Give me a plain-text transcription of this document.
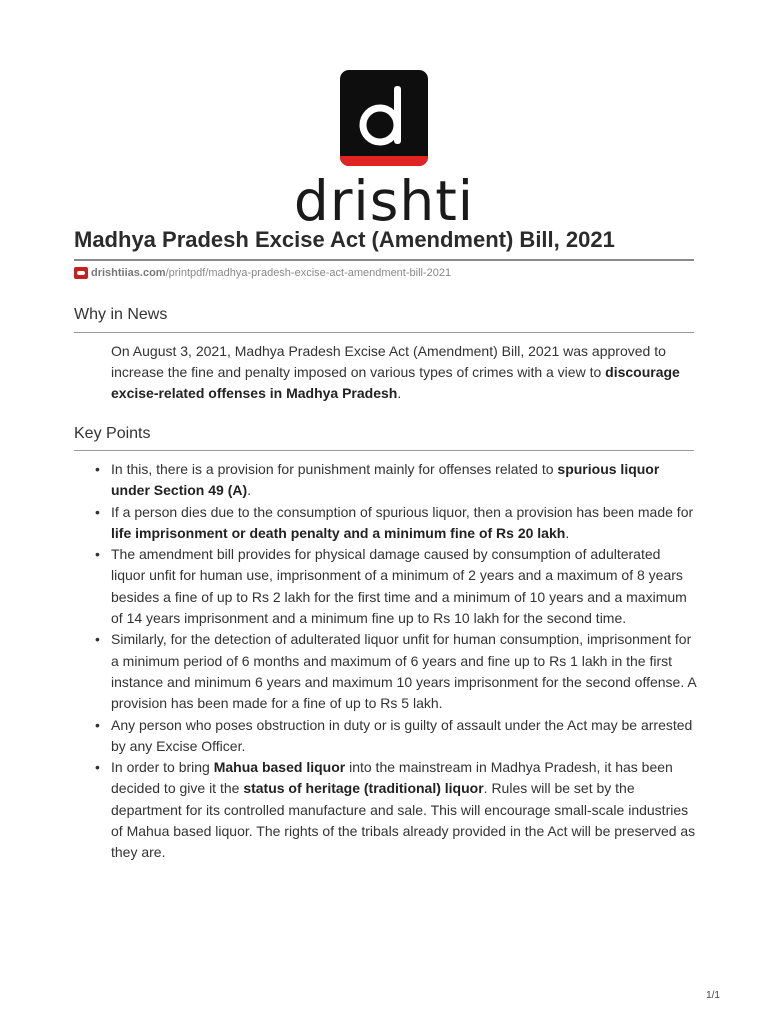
drishti
Madhya Pradesh Excise Act (Amendment) Bill, 2021
drishtiias.com /printpdf/madhya-pradesh-excise-act-amendment-bill-2021
Why in News

On August 3, 2021, Madhya Pradesh Excise Act (Amendment) Bill, 2021 was approved to increase the fine and penalty imposed on various types of crimes with a view to discourage excise-related offenses in Madhya Pradesh.

Key Points
• In this, there is a provision for punishment mainly for offenses related to spurious liquor under Section 49 (A).
• If a person dies due to the consumption of spurious liquor, then a provision has been made for life imprisonment or death penalty and a minimum fine of Rs 20 lakh.
• The amendment bill provides for physical damage caused by consumption of adulterated liquor unfit for human use, imprisonment of a minimum of 2 years and a maximum of 8 years besides a fine of up to Rs 2 lakh for the first time and a minimum of 10 years and a maximum of 14 years imprisonment and a minimum fine up to Rs 10 lakh for the second time.
• Similarly, for the detection of adulterated liquor unfit for human consumption, imprisonment for a minimum period of 6 months and maximum of 6 years and fine up to Rs 1 lakh in the first instance and minimum 6 years and maximum 10 years imprisonment for the second offense. A provision has been made for a fine of up to Rs 5 lakh.
• Any person who poses obstruction in duty or is guilty of assault under the Act may be arrested by any Excise Officer.
• In order to bring Mahua based liquor into the mainstream in Madhya Pradesh, it has been decided to give it the status of heritage (traditional) liquor. Rules will be set by the department for its controlled manufacture and sale. This will encourage small-scale industries of Mahua based liquor. The rights of the tribals already provided in the Act will be preserved as they are.
1/1
